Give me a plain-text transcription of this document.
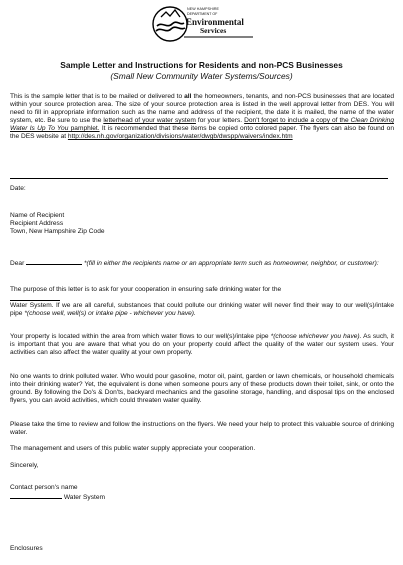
NEW HAMPSHIRE
DEPARTMENT OF
Environmental
Services
Sample Letter and Instructions for Residents and non-PCS Businesses
(Small New Community Water Systems/Sources)
This is the sample letter that is to be mailed or delivered to all the homeowners, tenants, and non-PCS businesses that are located within your source protection area. The size of your source protection area is listed in the well approval letter from DES. You will need to fill in appropriate information such as the name and address of the recipient, the date it is mailed, the name of the water system, etc. Be sure to use the letterhead of your water system for your letters. Don't forget to include a copy of the Clean Drinking Water Is Up To You pamphlet. It is recommended that these items be copied onto colored paper. The flyers can also be found on the DES website at http://des.nh.gov/organization/divisions/water/dwgb/dwspp/waivers/index.htm
Date:
Name of Recipient
Recipient Address
Town, New Hampshire Zip Code
Dear	*(fill in either the recipients name or an appropriate term such as homeowner, neighbor, or customer):
The purpose of this letter is to ask for your cooperation in ensuring safe drinking water for the

Water System. If we are all careful, substances that could pollute our drinking water will never find their way to our well(s)/intake pipe *(choose well, well(s) or intake pipe - whichever you have).
Your property is located within the area from which water flows to our well(s)/intake pipe *(choose whichever you have). As such, it is important that you are aware that what you do on your property could affect the quality of the water our system uses. Your activities can also affect the water quality at your own property.
No one wants to drink polluted water. Who would pour gasoline, motor oil, paint, garden or lawn chemicals, or household chemicals into their drinking water? Yet, the equivalent is done when someone pours any of these products down their toilet, sink, or onto the ground. By following the Do's & Don'ts, backyard mechanics and the gasoline storage, handling, and disposal tips on the enclosed flyers, you can avoid activities, which could threaten water quality.
Please take the time to review and follow the instructions on the flyers. We need your help to protect this valuable source of drinking water.
The management and users of this public water supply appreciate your cooperation.
Sincerely,
Contact person's name
Water System
Enclosures
